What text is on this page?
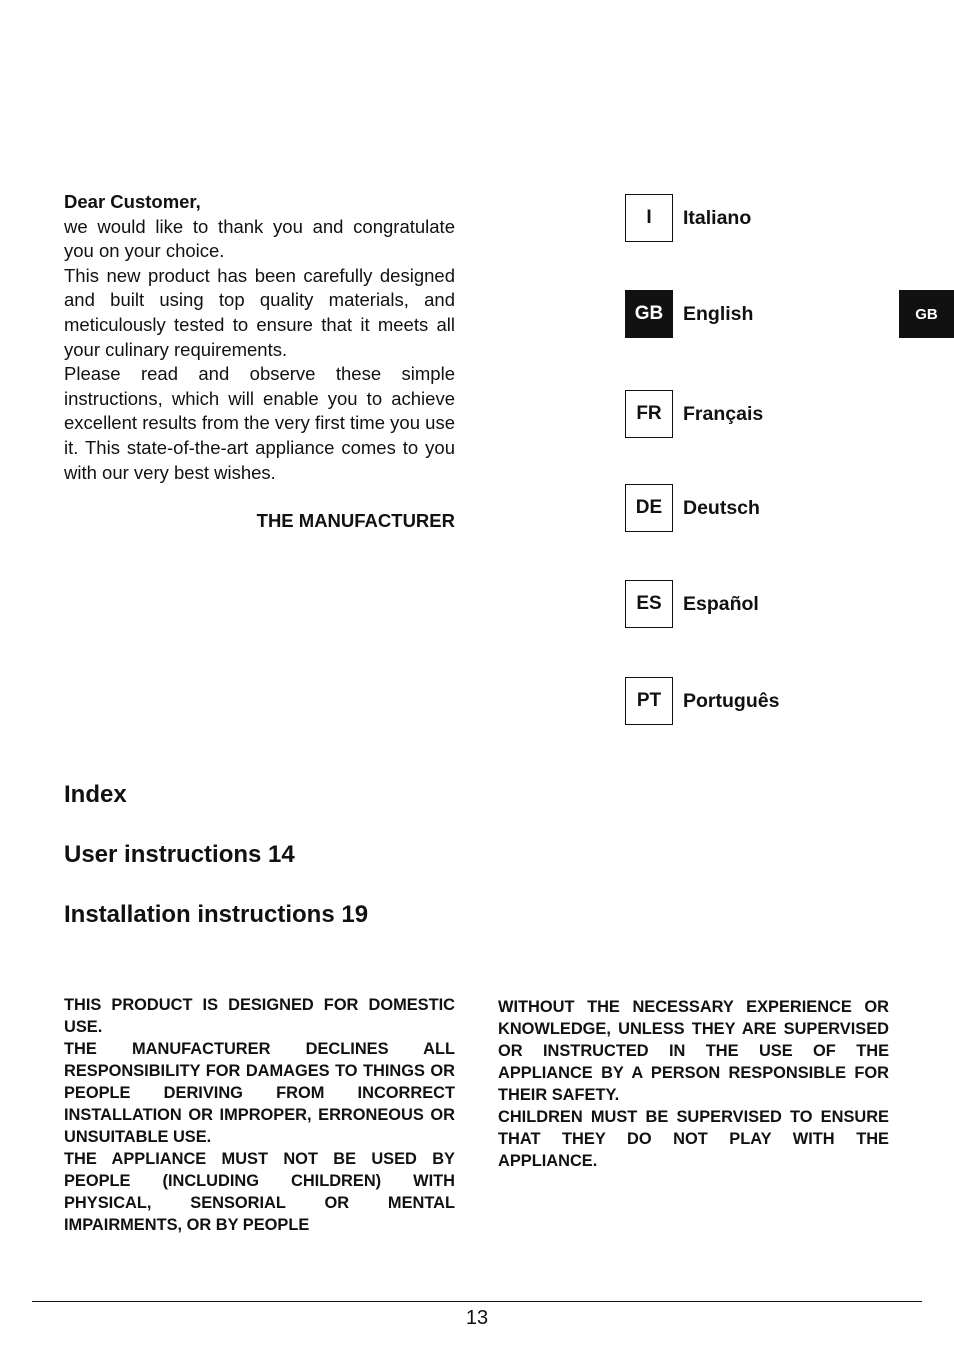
Dear Customer,

we would like to thank you and congratulate you on your choice.

This new product has been carefully designed and built using top quality materials, and meticulously tested to ensure that it meets all your culinary requirements.

Please read and observe these simple instructions, which will enable you to achieve excellent results from the very first time you use it. This state-of-the-art appliance comes to you with our very best wishes.

THE MANUFACTURER

I	Italiano
GB	English
FR	Français
DE	Deutsch
ES	Español
PT	Português
GB
Index
User instructions 14
Installation instructions 19

THIS PRODUCT IS DESIGNED FOR DOMESTIC USE.

THE MANUFACTURER DECLINES ALL RESPONSIBILITY FOR DAMAGES TO THINGS OR PEOPLE DERIVING FROM INCORRECT INSTALLATION OR IMPROPER, ERRONEOUS OR UNSUITABLE USE.

THE APPLIANCE MUST NOT BE USED BY PEOPLE (INCLUDING CHILDREN) WITH PHYSICAL, SENSORIAL OR MENTAL IMPAIRMENTS, OR BY PEOPLE

WITHOUT THE NECESSARY EXPERIENCE OR KNOWLEDGE, UNLESS THEY ARE SUPERVISED OR INSTRUCTED IN THE USE OF THE APPLIANCE BY A PERSON RESPONSIBLE FOR THEIR SAFETY.

CHILDREN MUST BE SUPERVISED TO ENSURE THAT THEY DO NOT PLAY WITH THE APPLIANCE.

13
